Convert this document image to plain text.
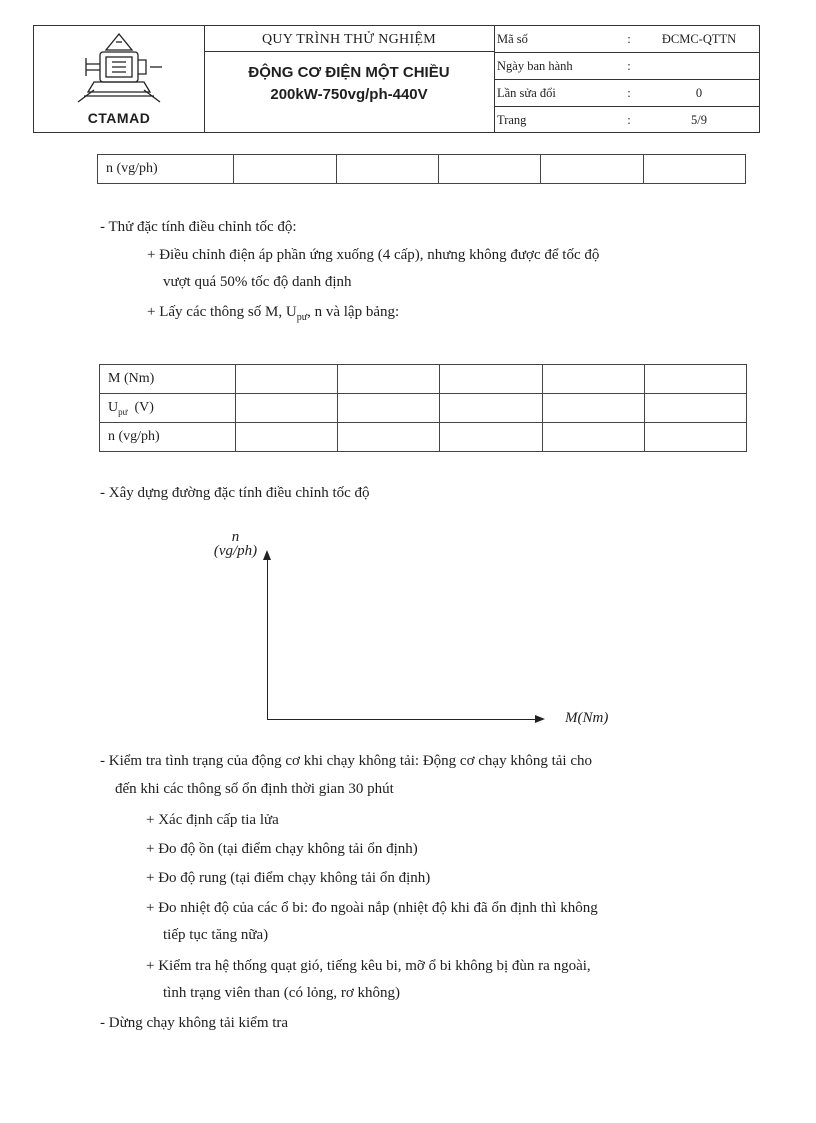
CTAMAD
QUY TRÌNH THỬ NGHIỆM
ĐỘNG CƠ ĐIỆN MỘT CHIỀU
200kW-750vg/ph-440V
Mã số	:	ĐCMC-QTTN
Ngày ban hành	:	
Lần sửa đổi	:	0
Trang	:	5/9
n (vg/ph)					
- Thử đặc tính điều chỉnh tốc độ:
+ Điều chỉnh điện áp phần ứng xuống (4 cấp), nhưng không được để tốc độ
vượt quá 50% tốc độ danh định
+ Lấy các thông số M, $U_{pư}$, n và lập bảng:
M (Nm)					
$U_{pư}$  (V)					
n (vg/ph)					
- Xây dựng đường đặc tính điều chỉnh tốc độ
n
(vg/ph)
M(Nm)
- Kiểm tra tình trạng của động cơ khi chạy không tải: Động cơ chạy không tải cho
đến khi các thông số ổn định thời gian 30 phút
+ Xác định cấp tia lửa
+ Đo độ ồn (tại điểm chạy không tải ổn định)
+ Đo độ rung (tại điểm chạy không tải ổn định)
+ Đo nhiệt độ của các ổ bi: đo ngoài nắp (nhiệt độ khi đã ổn định thì không
tiếp tục tăng nữa)
+ Kiểm tra hệ thống quạt gió, tiếng kêu bi, mỡ ổ bi không bị đùn ra ngoài,
tình trạng viên than (có lỏng, rơ không)
- Dừng chạy không tải kiểm tra
